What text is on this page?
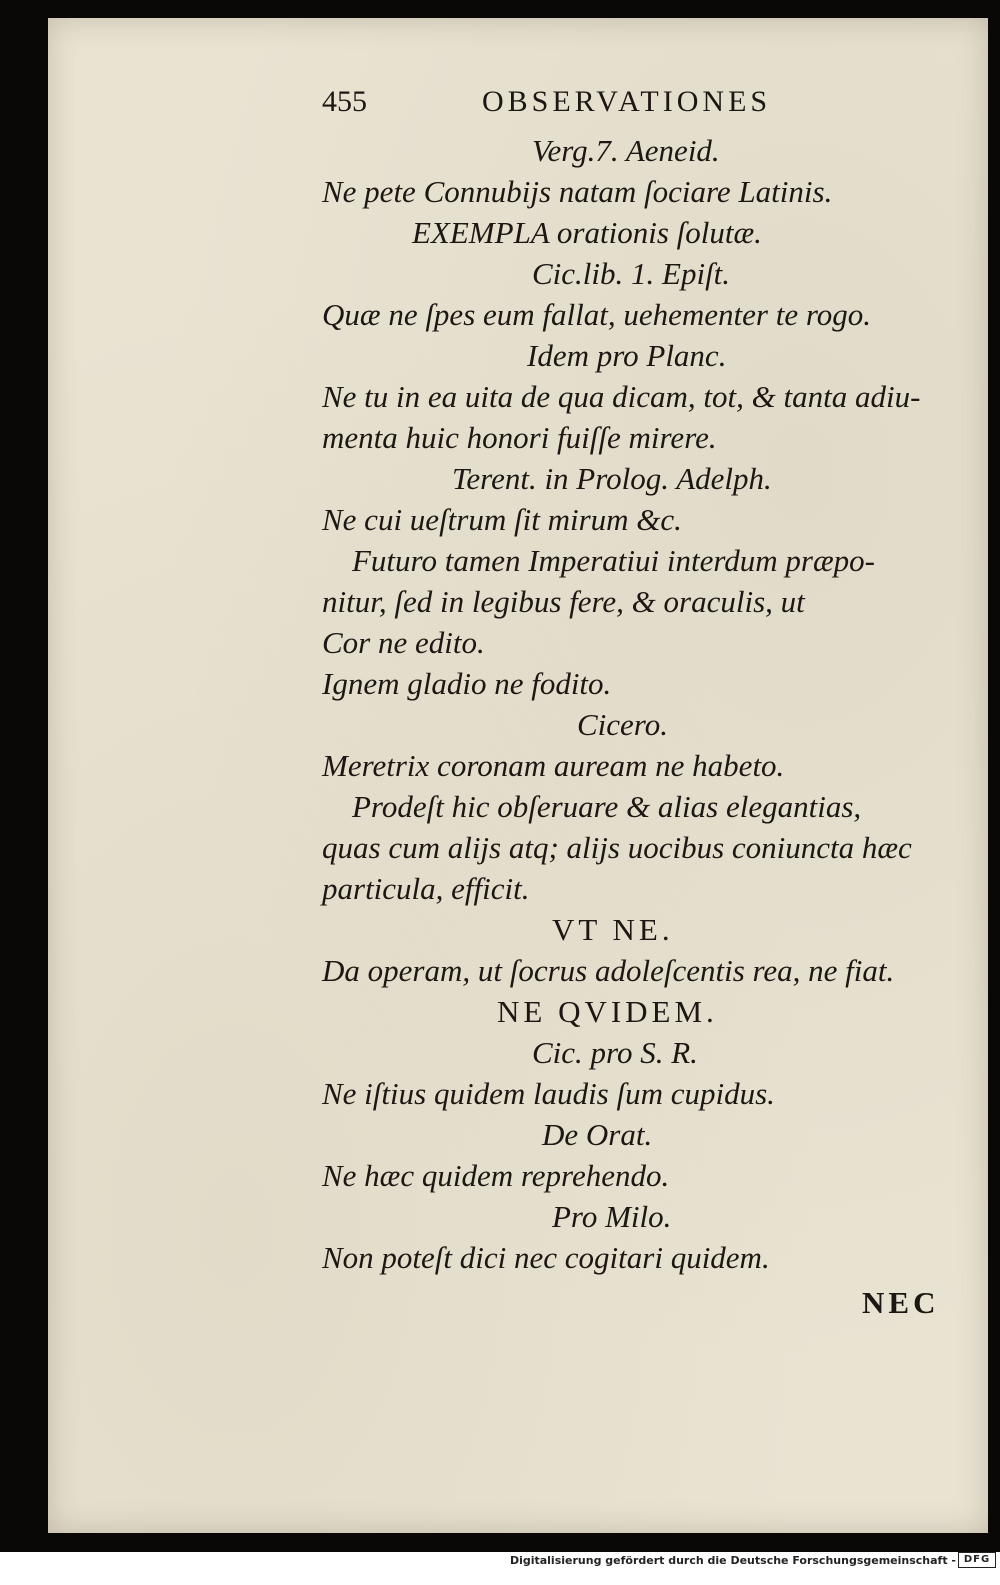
455	OBSERVATIONES
Verg.7. Aeneid.
Ne pete Connubijs natam ſociare Latinis.
EXEMPLA orationis ſolutæ.
Cic.lib. 1. Epiſt.
Quæ ne ſpes eum fallat, uehementer te rogo.
Idem pro Planc.
Ne tu in ea uita de qua dicam, tot, & tanta adiu-
menta huic honori fuiſſe mirere.
Terent. in Prolog. Adelph.
Ne cui ueſtrum ſit mirum &c.
Futuro tamen Imperatiui interdum præpo-
nitur, ſed in legibus fere, & oraculis, ut
Cor ne edito.
Ignem gladio ne fodito.
Cicero.
Meretrix coronam auream ne habeto.
Prodeſt hic obſeruare & alias elegantias,
quas cum alijs atq; alijs uocibus coniuncta hæc
particula, efficit.
VT NE.
Da operam, ut ſocrus adoleſcentis rea, ne fiat.
NE QVIDEM.
Cic. pro S. R.
Ne iſtius quidem laudis ſum cupidus.
De Orat.
Ne hæc quidem reprehendo.
Pro Milo.
Non poteſt dici nec cogitari quidem.
NEC
Digitalisierung gefördert durch die Deutsche Forschungsgemeinschaft - DFG
